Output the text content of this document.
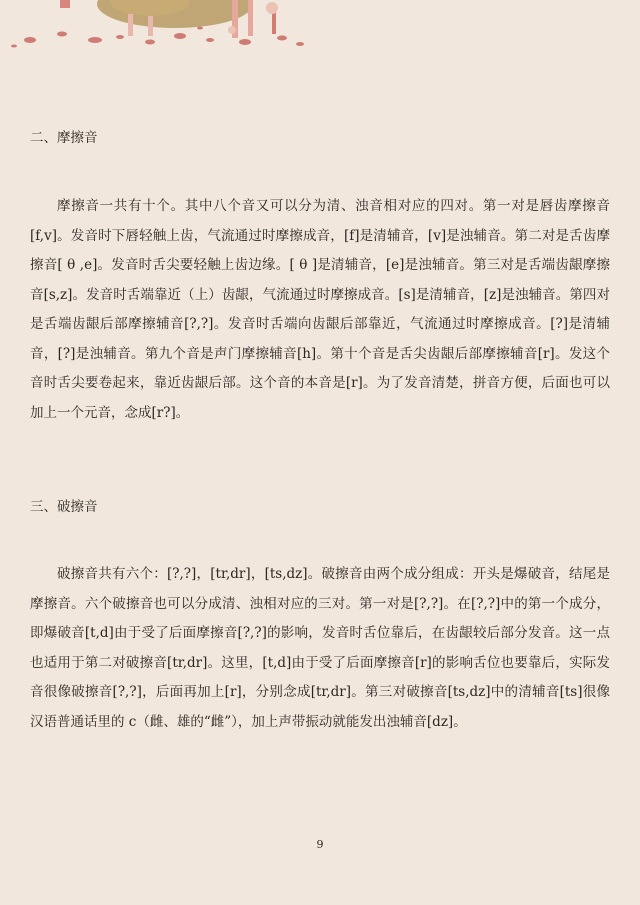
二、摩擦音

摩擦音一共有十个。其中八个音又可以分为清、浊音相对应的四对。第一对是唇齿摩擦音[f,v]。发音时下唇轻触上齿，气流通过时摩擦成音，[f]是清辅音，[v]是浊辅音。第二对是舌齿摩擦音[ θ ,e]。发音时舌尖要轻触上齿边缘。[ θ ]是清辅音，[e]是浊辅音。第三对是舌端齿龈摩擦音[s,z]。发音时舌端靠近（上）齿龈，气流通过时摩擦成音。[s]是清辅音，[z]是浊辅音。第四对是舌端齿龈后部摩擦辅音[?,?]。发音时舌端向齿龈后部靠近，气流通过时摩擦成音。[?]是清辅音，[?]是浊辅音。第九个音是声门摩擦辅音[h]。第十个音是舌尖齿龈后部摩擦辅音[r]。发这个音时舌尖要卷起来，靠近齿龈后部。这个音的本音是[r]。为了发音清楚，拼音方便，后面也可以加上一个元音，念成[r?]。

三、破擦音

破擦音共有六个：[?,?]，[tr,dr]，[ts,dz]。破擦音由两个成分组成：开头是爆破音，结尾是摩擦音。六个破擦音也可以分成清、浊相对应的三对。第一对是[?,?]。在[?,?]中的第一个成分，即爆破音[t,d]由于受了后面摩擦音[?,?]的影响，发音时舌位靠后，在齿龈较后部分发音。这一点也适用于第二对破擦音[tr,dr]。这里，[t,d]由于受了后面摩擦音[r]的影响舌位也要靠后，实际发音很像破擦音[?,?]，后面再加上[r]，分别念成[tr,dr]。第三对破擦音[ts,dz]中的清辅音[ts]很像汉语普通话里的 c（雌、雄的“雌”），加上声带振动就能发出浊辅音[dz]。

9
